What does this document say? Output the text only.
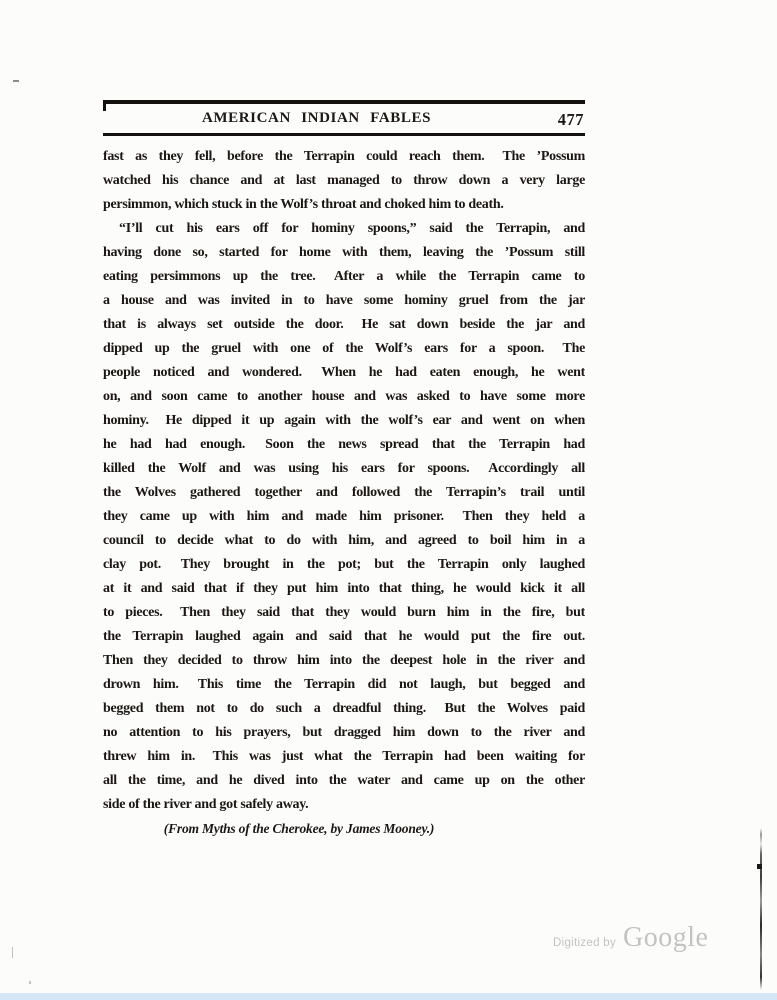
AMERICAN INDIAN FABLES	477
fast as they fell, before the Terrapin could reach them.  The ’Possum
watched his chance and at last managed to throw down a very large
persimmon, which stuck in the Wolf’s throat and choked him to death.
“I’ll cut his ears off for hominy spoons,” said the Terrapin, and
having done so, started for home with them, leaving the ’Possum still
eating persimmons up the tree.  After a while the Terrapin came to
a house and was invited in to have some hominy gruel from the jar
that is always set outside the door.  He sat down beside the jar and
dipped up the gruel with one of the Wolf’s ears for a spoon.  The
people noticed and wondered.  When he had eaten enough, he went
on, and soon came to another house and was asked to have some more
hominy.  He dipped it up again with the wolf’s ear and went on when
he had had enough.  Soon the news spread that the Terrapin had
killed the Wolf and was using his ears for spoons.  Accordingly all
the Wolves gathered together and followed the Terrapin’s trail until
they came up with him and made him prisoner.  Then they held a
council to decide what to do with him, and agreed to boil him in a
clay pot.  They brought in the pot; but the Terrapin only laughed
at it and said that if they put him into that thing, he would kick it all
to pieces.  Then they said that they would burn him in the fire, but
the Terrapin laughed again and said that he would put the fire out.
Then they decided to throw him into the deepest hole in the river and
drown him.  This time the Terrapin did not laugh, but begged and
begged them not to do such a dreadful thing.  But the Wolves paid
no attention to his prayers, but dragged him down to the river and
threw him in.  This was just what the Terrapin had been waiting for
all the time, and he dived into the water and came up on the other
side of the river and got safely away.
(From Myths of the Cherokee, by James Mooney.)
Digitized by Google
